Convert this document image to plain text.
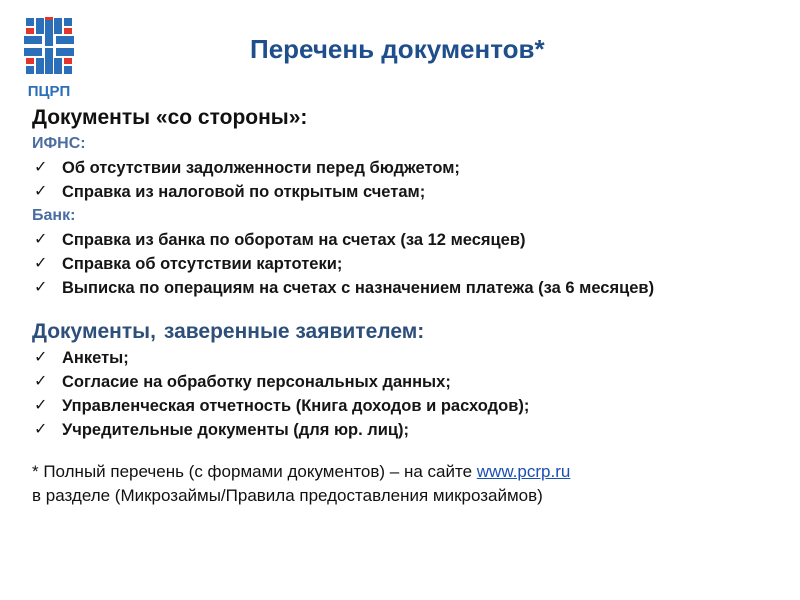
ПЦРП
Перечень документов*
Документы «со стороны»:
ИФНС:
✓ Об отсутствии задолженности перед бюджетом;
✓ Справка из налоговой по открытым счетам;
Банк:
✓ Справка из банка по оборотам на счетах (за 12 месяцев)
✓ Справка об отсутствии картотеки;
✓ Выписка по операциям на счетах с назначением платежа (за 6 месяцев)
Документы, заверенные заявителем:
✓ Анкеты;
✓ Согласие на обработку персональных данных;
✓ Управленческая отчетность (Книга доходов и расходов);
✓ Учредительные документы (для юр. лиц);
* Полный перечень (с формами документов) – на сайте www.pcrp.ru
в разделе (Микрозаймы/Правила предоставления микрозаймов)
